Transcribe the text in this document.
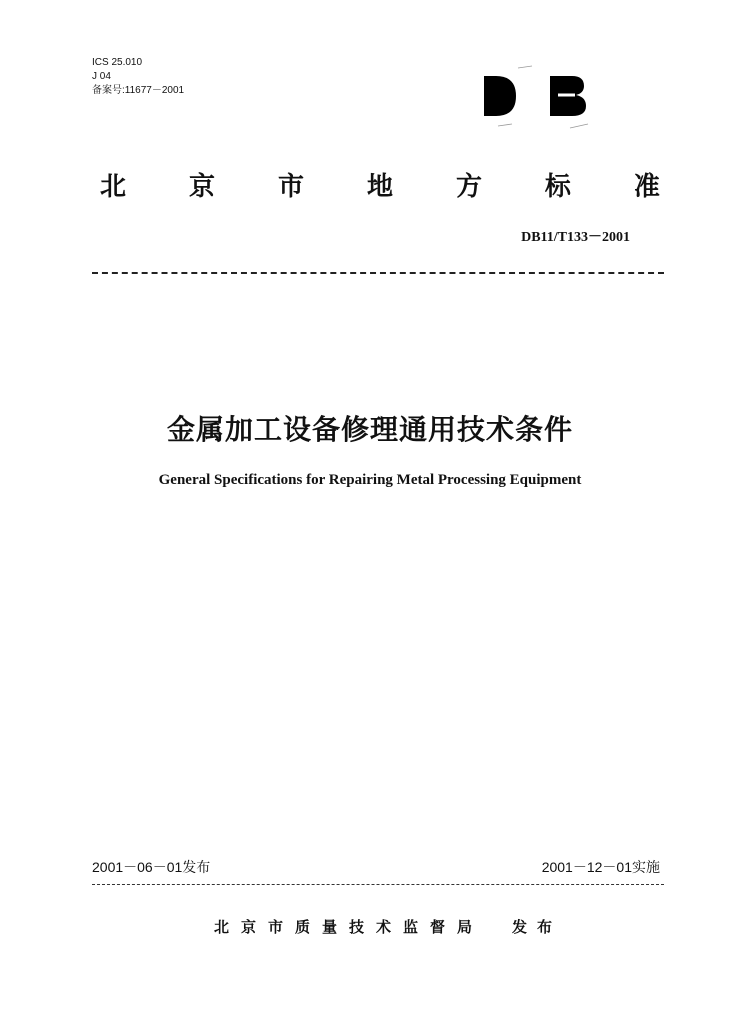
ICS 25.010
J 04
备案号:11677－2001
北 京 市 地 方 标 准
DB11/T133－2001
金属加工设备修理通用技术条件
General Specifications for Repairing Metal Processing Equipment
2001－06－01发布	2001－12－01实施
北京市质量技术监督局 发布
